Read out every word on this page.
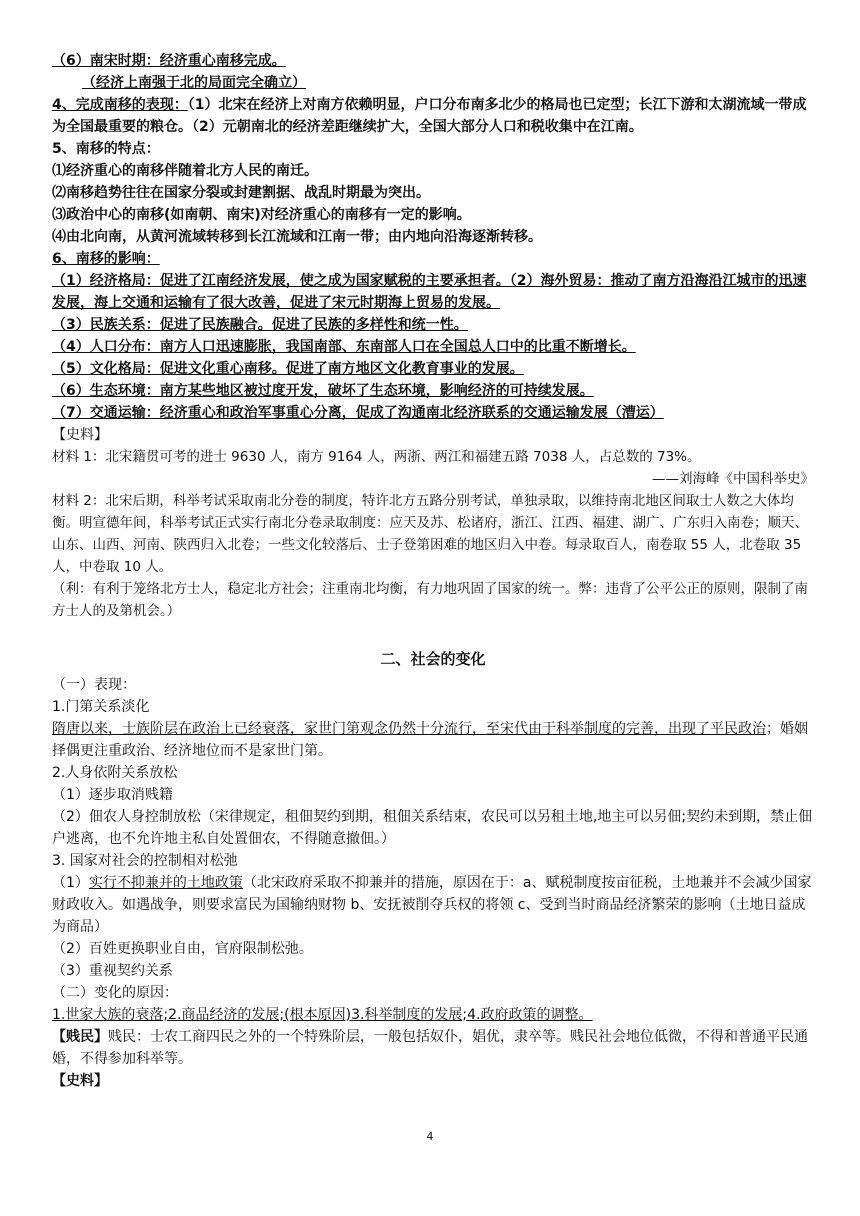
（6）南宋时期：经济重心南移完成。
（经济上南强于北的局面完全确立）
4、完成南移的表现：（1）北宋在经济上对南方依赖明显，户口分布南多北少的格局也已定型；长江下游和太湖流域一带成为全国最重要的粮仓。（2）元朝南北的经济差距继续扩大，全国大部分人口和税收集中在江南。
5、南移的特点：
⑴经济重心的南移伴随着北方人民的南迁。
⑵南移趋势往往在国家分裂或封建割据、战乱时期最为突出。
⑶政治中心的南移(如南朝、南宋)对经济重心的南移有一定的影响。
⑷由北向南，从黄河流域转移到长江流域和江南一带；由内地向沿海逐渐转移。
6、南移的影响：
（1）经济格局：促进了江南经济发展，使之成为国家赋税的主要承担者。（2）海外贸易：推动了南方沿海沿江城市的迅速发展，海上交通和运输有了很大改善，促进了宋元时期海上贸易的发展。
（3）民族关系：促进了民族融合。促进了民族的多样性和统一性。
（4）人口分布：南方人口迅速膨胀，我国南部、东南部人口在全国总人口中的比重不断增长。
（5）文化格局：促进文化重心南移。促进了南方地区文化教育事业的发展。
（6）生态环境：南方某些地区被过度开发，破坏了生态环境，影响经济的可持续发展。
（7）交通运输：经济重心和政治军事重心分离，促成了沟通南北经济联系的交通运输发展（漕运）
【史料】
材料 1：北宋籍贯可考的进士 9630 人，南方 9164 人，两浙、两江和福建五路 7038 人，占总数的 73%。
——刘海峰《中国科举史》
材料 2：北宋后期，科举考试采取南北分卷的制度，特许北方五路分别考试，单独录取，以维持南北地区间取士人数之大体均衡。明宣德年间，科举考试正式实行南北分卷录取制度：应天及苏、松诸府，浙江、江西、福建、湖广、广东归入南卷；顺天、山东、山西、河南、陕西归入北卷；一些文化较落后、士子登第困难的地区归入中卷。每录取百人，南卷取 55 人，北卷取 35 人，中卷取 10 人。
（利：有利于笼络北方士人，稳定北方社会；注重南北均衡，有力地巩固了国家的统一。弊：违背了公平公正的原则，限制了南方士人的及第机会。）
二、社会的变化
（一）表现：
1.门第关系淡化
隋唐以来，士族阶层在政治上已经衰落，家世门第观念仍然十分流行，至宋代由于科举制度的完善，出现了平民政治；婚姻择偶更注重政治、经济地位而不是家世门第。
2.人身依附关系放松
（1）逐步取消贱籍
（2）佃农人身控制放松（宋律规定，租佃契约到期，租佃关系结束，农民可以另租土地,地主可以另佃;契约未到期，禁止佃户逃离，也不允许地主私自处置佃农，不得随意撤佃。）
3. 国家对社会的控制相对松弛
（1）实行不抑兼并的土地政策（北宋政府采取不抑兼并的措施，原因在于：a、赋税制度按亩征税，土地兼并不会减少国家财政收入。如遇战争，则要求富民为国输纳财物 b、安抚被削夺兵权的将领 c、受到当时商品经济繁荣的影响（土地日益成为商品）
（2）百姓更换职业自由，官府限制松弛。
（3）重视契约关系
（二）变化的原因：
1.世家大族的衰落;2.商品经济的发展;(根本原因)3.科举制度的发展;4.政府政策的调整。
【贱民】贱民：士农工商四民之外的一个特殊阶层，一般包括奴仆，娼优，隶卒等。贱民社会地位低微，不得和普通平民通婚，不得参加科举等。
【史料】
4
